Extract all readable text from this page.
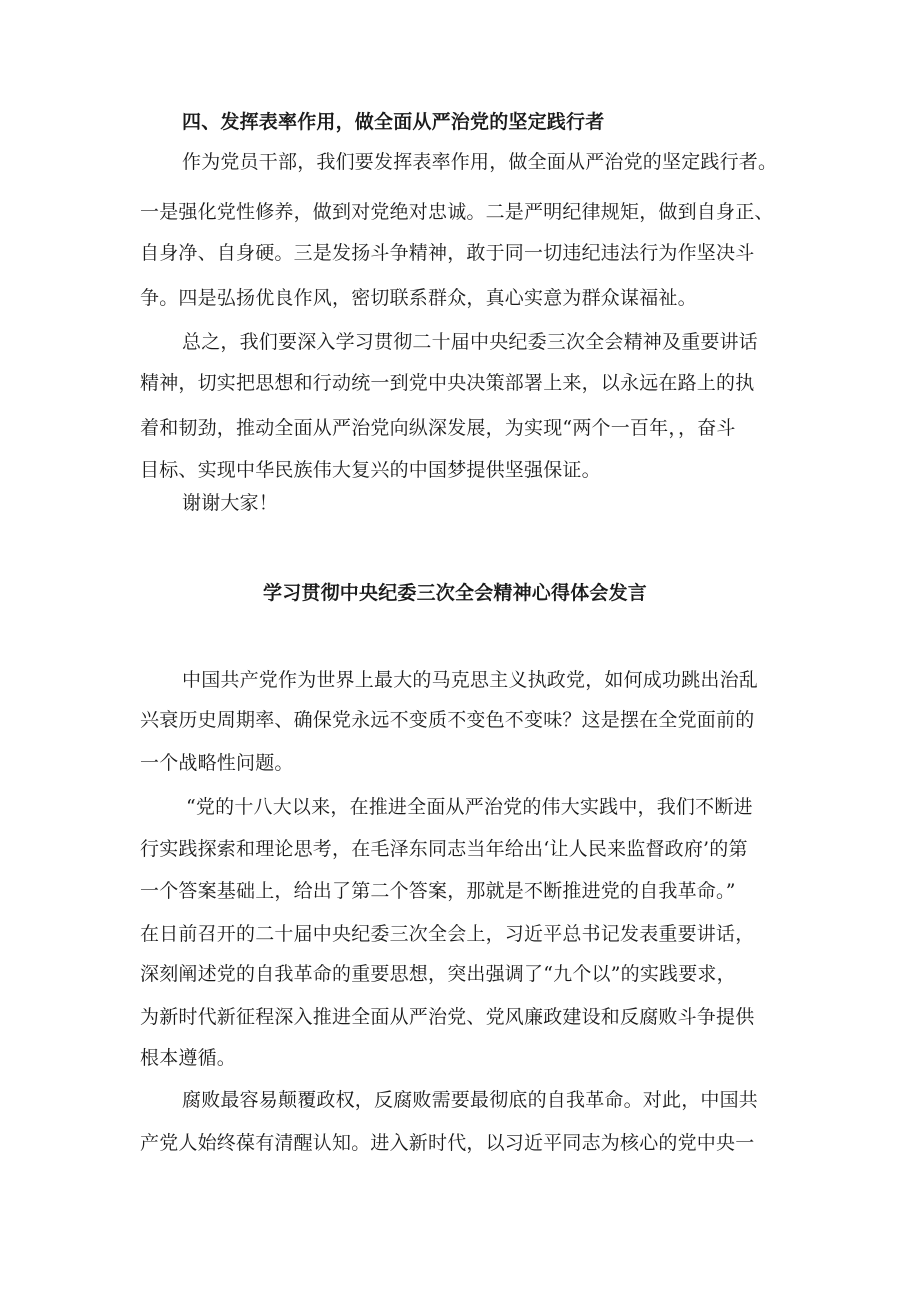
四、发挥表率作用，做全面从严治党的坚定践行者
作为党员干部，我们要发挥表率作用，做全面从严治党的坚定践行者。
一是强化党性修养，做到对党绝对忠诚。二是严明纪律规矩，做到自身正、
自身净、自身硬。三是发扬斗争精神，敢于同一切违纪违法行为作坚决斗
争。四是弘扬优良作风，密切联系群众，真心实意为群众谋福祉。
总之，我们要深入学习贯彻二十届中央纪委三次全会精神及重要讲话
精神，切实把思想和行动统一到党中央决策部署上来，以永远在路上的执
着和韧劲，推动全面从严治党向纵深发展，为实现“两个一百年，，奋斗
目标、实现中华民族伟大复兴的中国梦提供坚强保证。
谢谢大家！
学习贯彻中央纪委三次全会精神心得体会发言
中国共产党作为世界上最大的马克思主义执政党，如何成功跳出治乱
兴衰历史周期率、确保党永远不变质不变色不变味？这是摆在全党面前的
一个战略性问题。
“党的十八大以来，在推进全面从严治党的伟大实践中，我们不断进
行实践探索和理论思考，在毛泽东同志当年给出‘让人民来监督政府’的第
一个答案基础上，给出了第二个答案，那就是不断推进党的自我革命。”
在日前召开的二十届中央纪委三次全会上，习近平总书记发表重要讲话，
深刻阐述党的自我革命的重要思想，突出强调了“九个以”的实践要求，
为新时代新征程深入推进全面从严治党、党风廉政建设和反腐败斗争提供
根本遵循。
腐败最容易颠覆政权，反腐败需要最彻底的自我革命。对此，中国共
产党人始终葆有清醒认知。进入新时代，以习近平同志为核心的党中央一
